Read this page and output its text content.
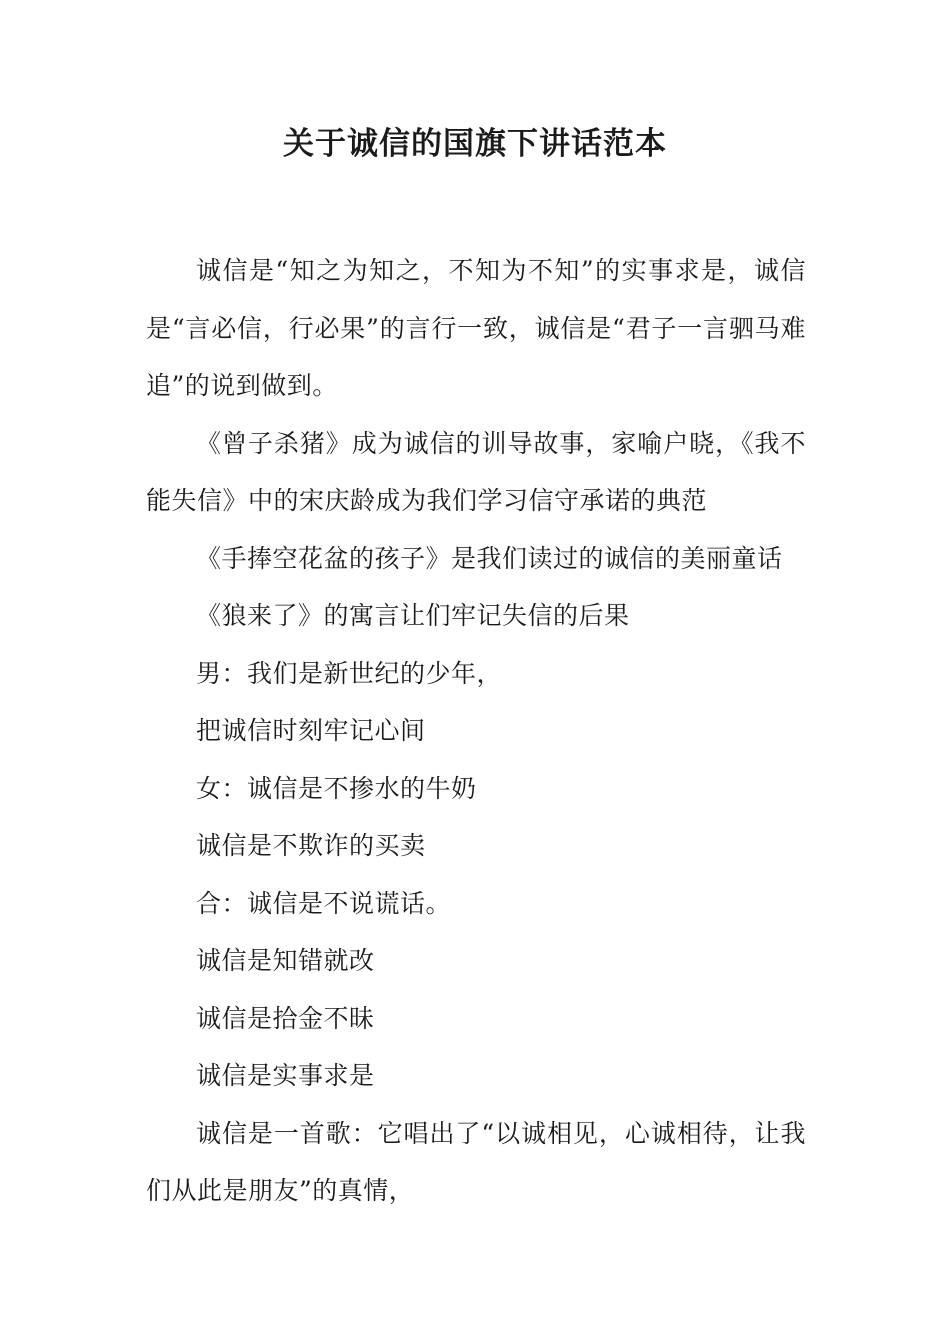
关于诚信的国旗下讲话范本

诚信是“知之为知之，不知为不知”的实事求是，诚信是“言必信，行必果”的言行一致，诚信是“君子一言驷马难追”的说到做到。

《曾子杀猪》成为诚信的训导故事，家喻户晓，《我不能失信》中的宋庆龄成为我们学习信守承诺的典范

《手捧空花盆的孩子》是我们读过的诚信的美丽童话

《狼来了》的寓言让们牢记失信的后果

男：我们是新世纪的少年，

把诚信时刻牢记心间

女：诚信是不掺水的牛奶

诚信是不欺诈的买卖

合：诚信是不说谎话。

诚信是知错就改

诚信是拾金不昧

诚信是实事求是

诚信是一首歌：它唱出了“以诚相见，心诚相待，让我们从此是朋友”的真情，
